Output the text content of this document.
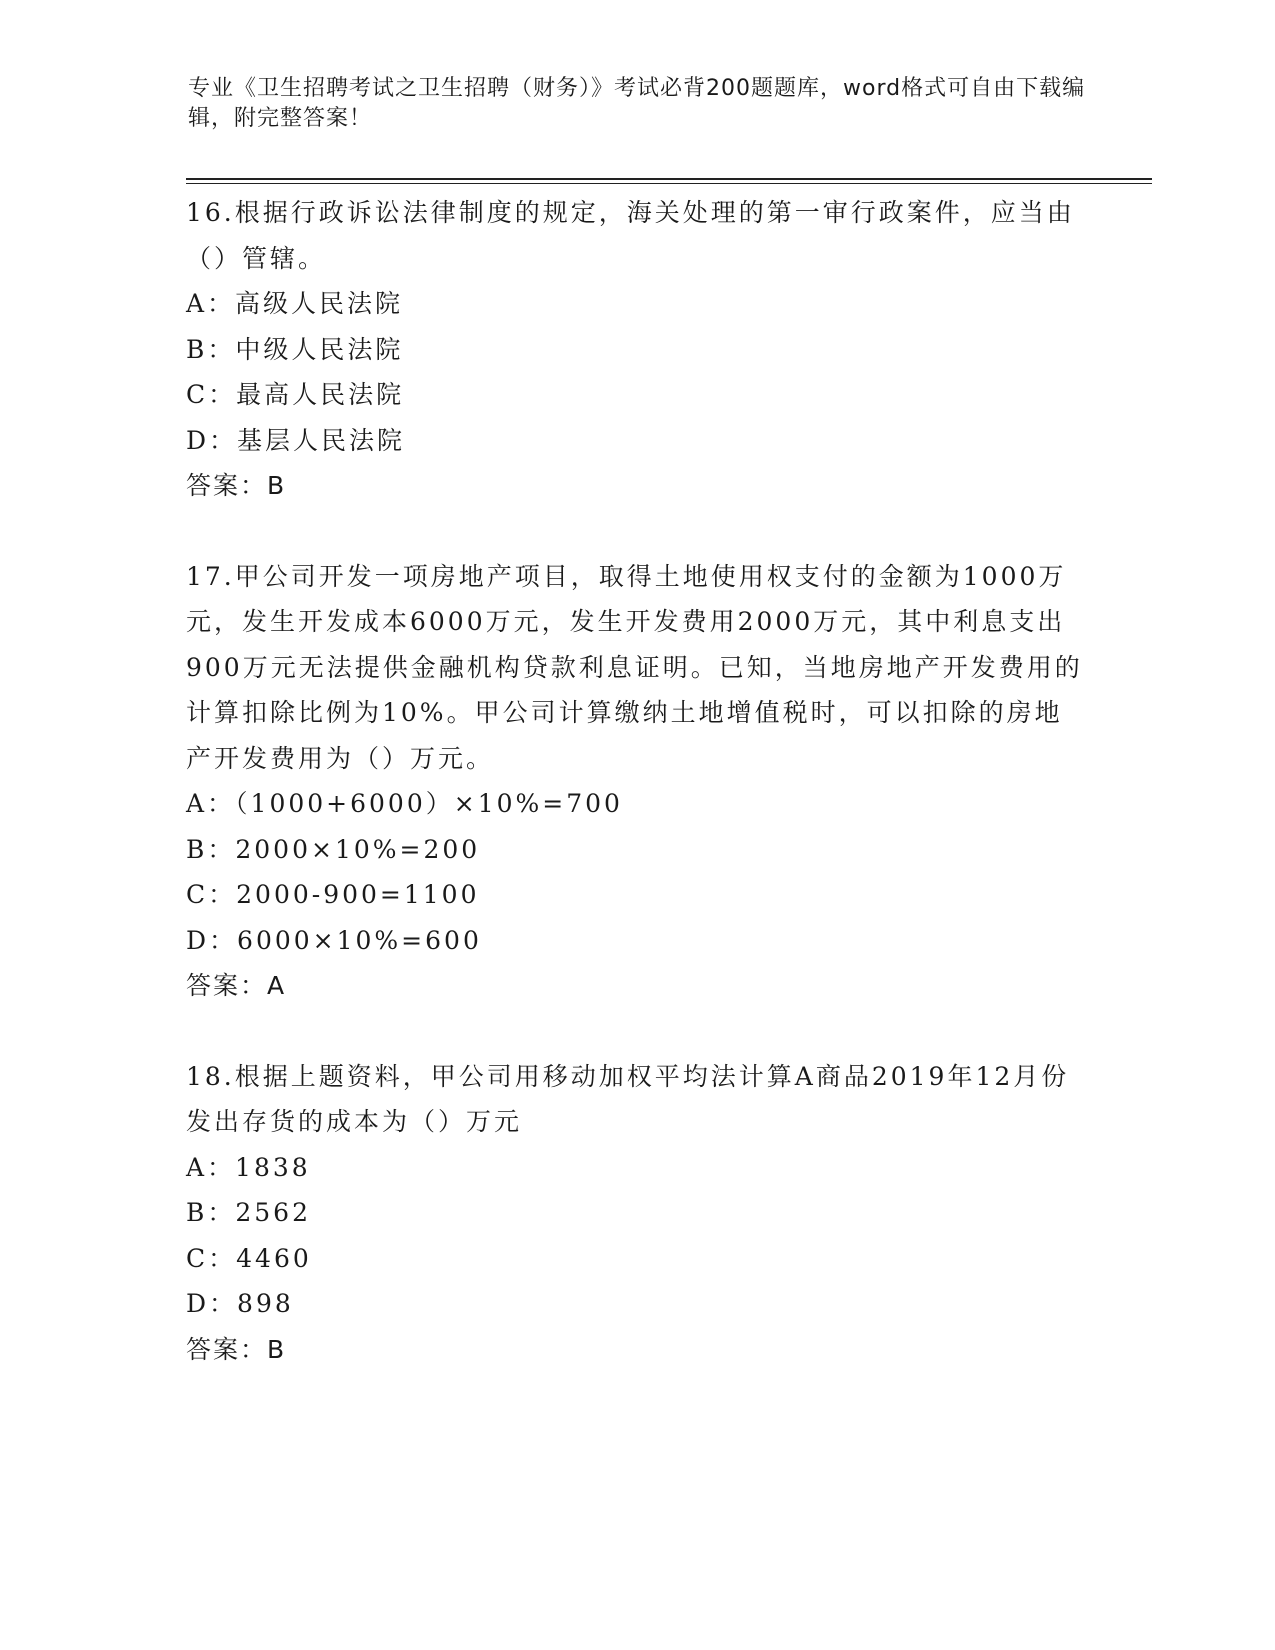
专业《卫生招聘考试之卫生招聘（财务）》考试必背200题题库，word格式可自由下载编辑，附完整答案！

16.根据行政诉讼法律制度的规定，海关处理的第一审行政案件，应当由（）管辖。

A：高级人民法院

B：中级人民法院

C：最高人民法院

D：基层人民法院

答案：B

17.甲公司开发一项房地产项目，取得土地使用权支付的金额为1000万元，发生开发成本6000万元，发生开发费用2000万元，其中利息支出900万元无法提供金融机构贷款利息证明。已知，当地房地产开发费用的计算扣除比例为10%。甲公司计算缴纳土地增值税时，可以扣除的房地产开发费用为（）万元。

A：（1000+6000）×10%=700

B：2000×10%=200

C：2000-900=1100

D：6000×10%=600

答案：A

18.根据上题资料，甲公司用移动加权平均法计算A商品2019年12月份发出存货的成本为（）万元

A：1838

B：2562

C：4460

D：898

答案：B
